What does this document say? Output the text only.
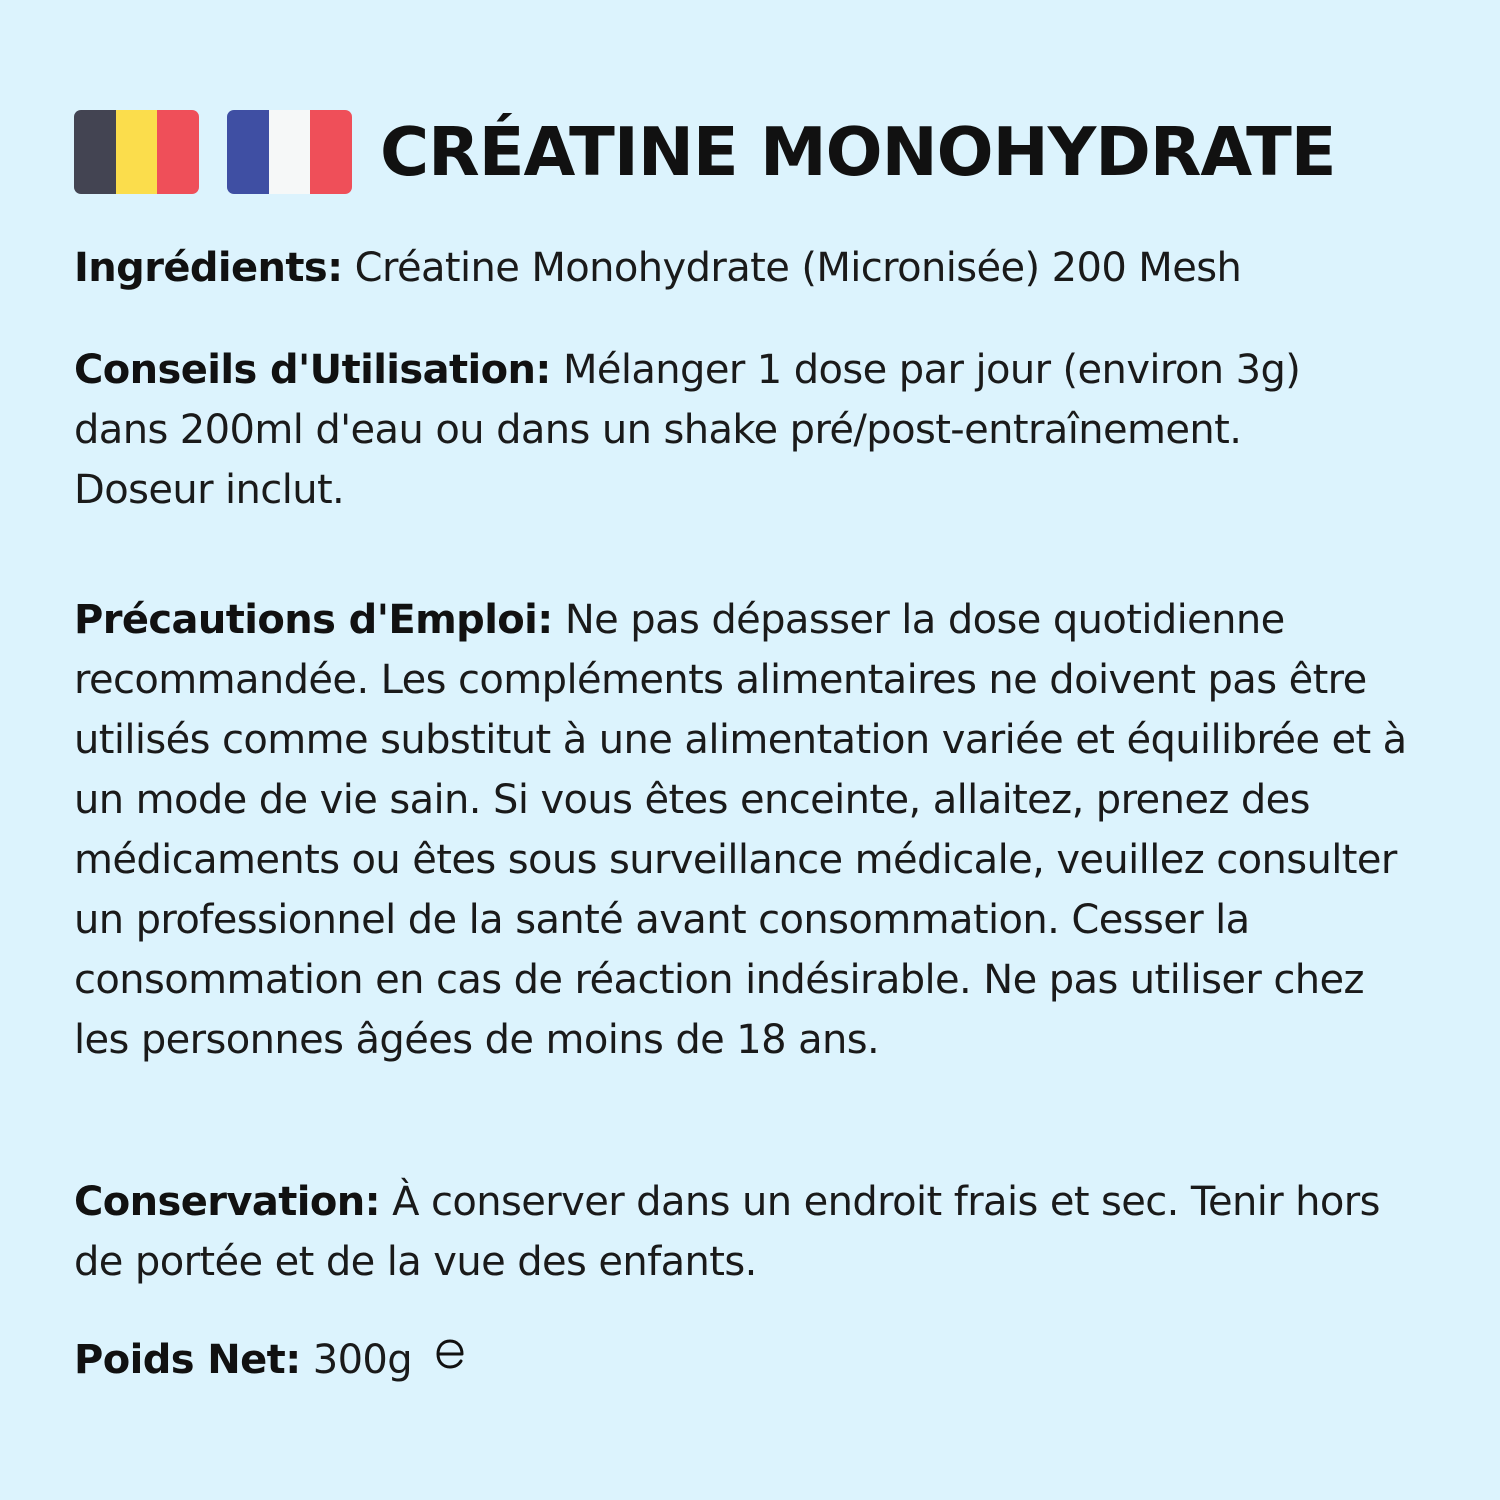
CRÉATINE MONOHYDRATE
Ingrédients: Créatine Monohydrate (Micronisée) 200 Mesh
Conseils d'Utilisation: Mélanger 1 dose par jour (environ 3g) dans 200ml d'eau ou dans un shake pré/post-entraînement. Doseur inclut.
Précautions d'Emploi: Ne pas dépasser la dose quotidienne recommandée. Les compléments alimentaires ne doivent pas être utilisés comme substitut à une alimentation variée et équilibrée et à un mode de vie sain. Si vous êtes enceinte, allaitez, prenez des médicaments ou êtes sous surveillance médicale, veuillez consulter un professionnel de la santé avant consommation. Cesser la consommation en cas de réaction indésirable. Ne pas utiliser chez les personnes âgées de moins de 18 ans.
Conservation: À conserver dans un endroit frais et sec. Tenir hors de portée et de la vue des enfants.
Poids Net: 300g
